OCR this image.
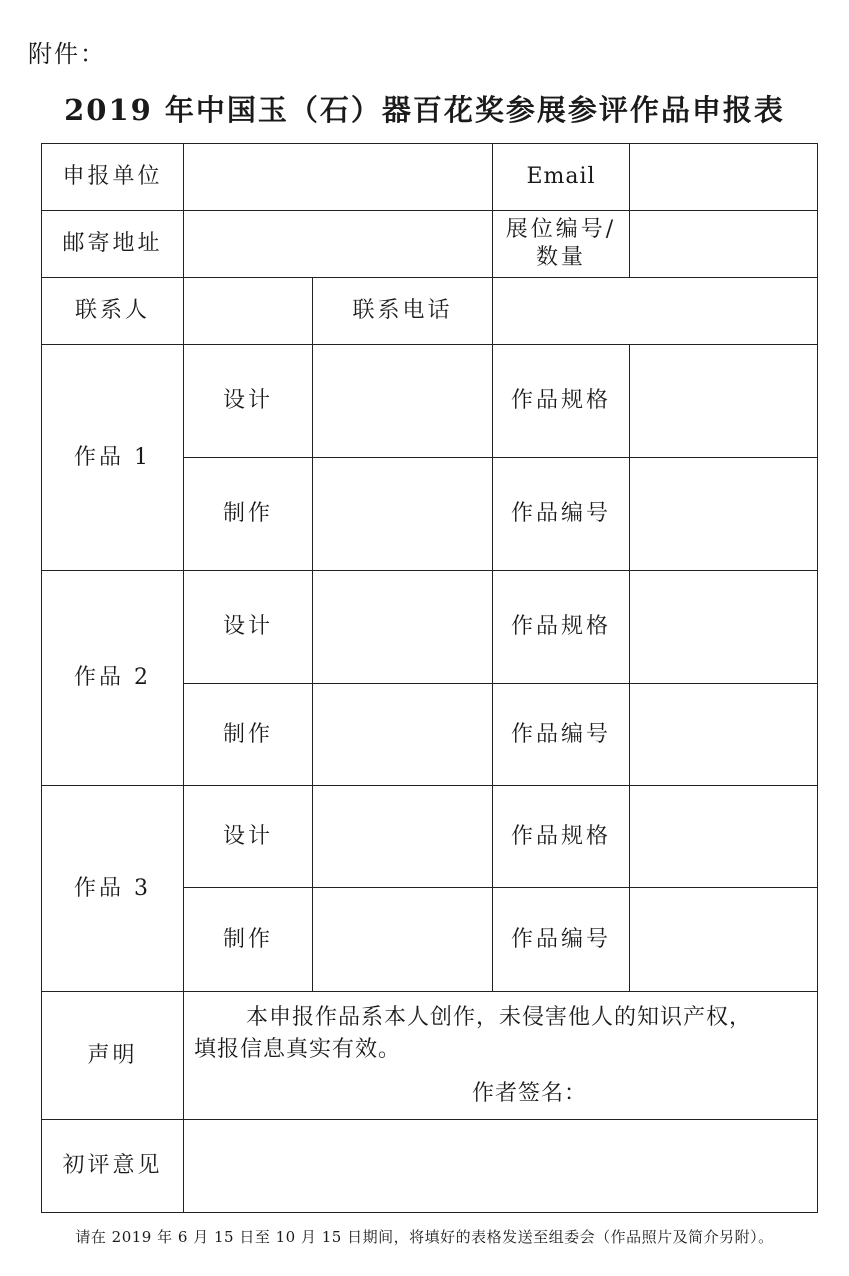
附件：
2019 年中国玉（石）器百花奖参展参评作品申报表
申报单位			Email	
邮寄地址			展位编号/
数量	

联系人		联系电话		
作品 1	设计		作品规格	
	制作		作品编号	
作品 2	设计		作品规格	
	制作		作品编号	
作品 3	设计		作品规格	
	制作		作品编号	
声明	本申报作品系本人创作，未侵害他人的知识产权，
填报信息真实有效。
作者签名：			

初评意见				
请在 2019 年 6 月 15 日至 10 月 15 日期间，将填好的表格发送至组委会（作品照片及简介另附）。
